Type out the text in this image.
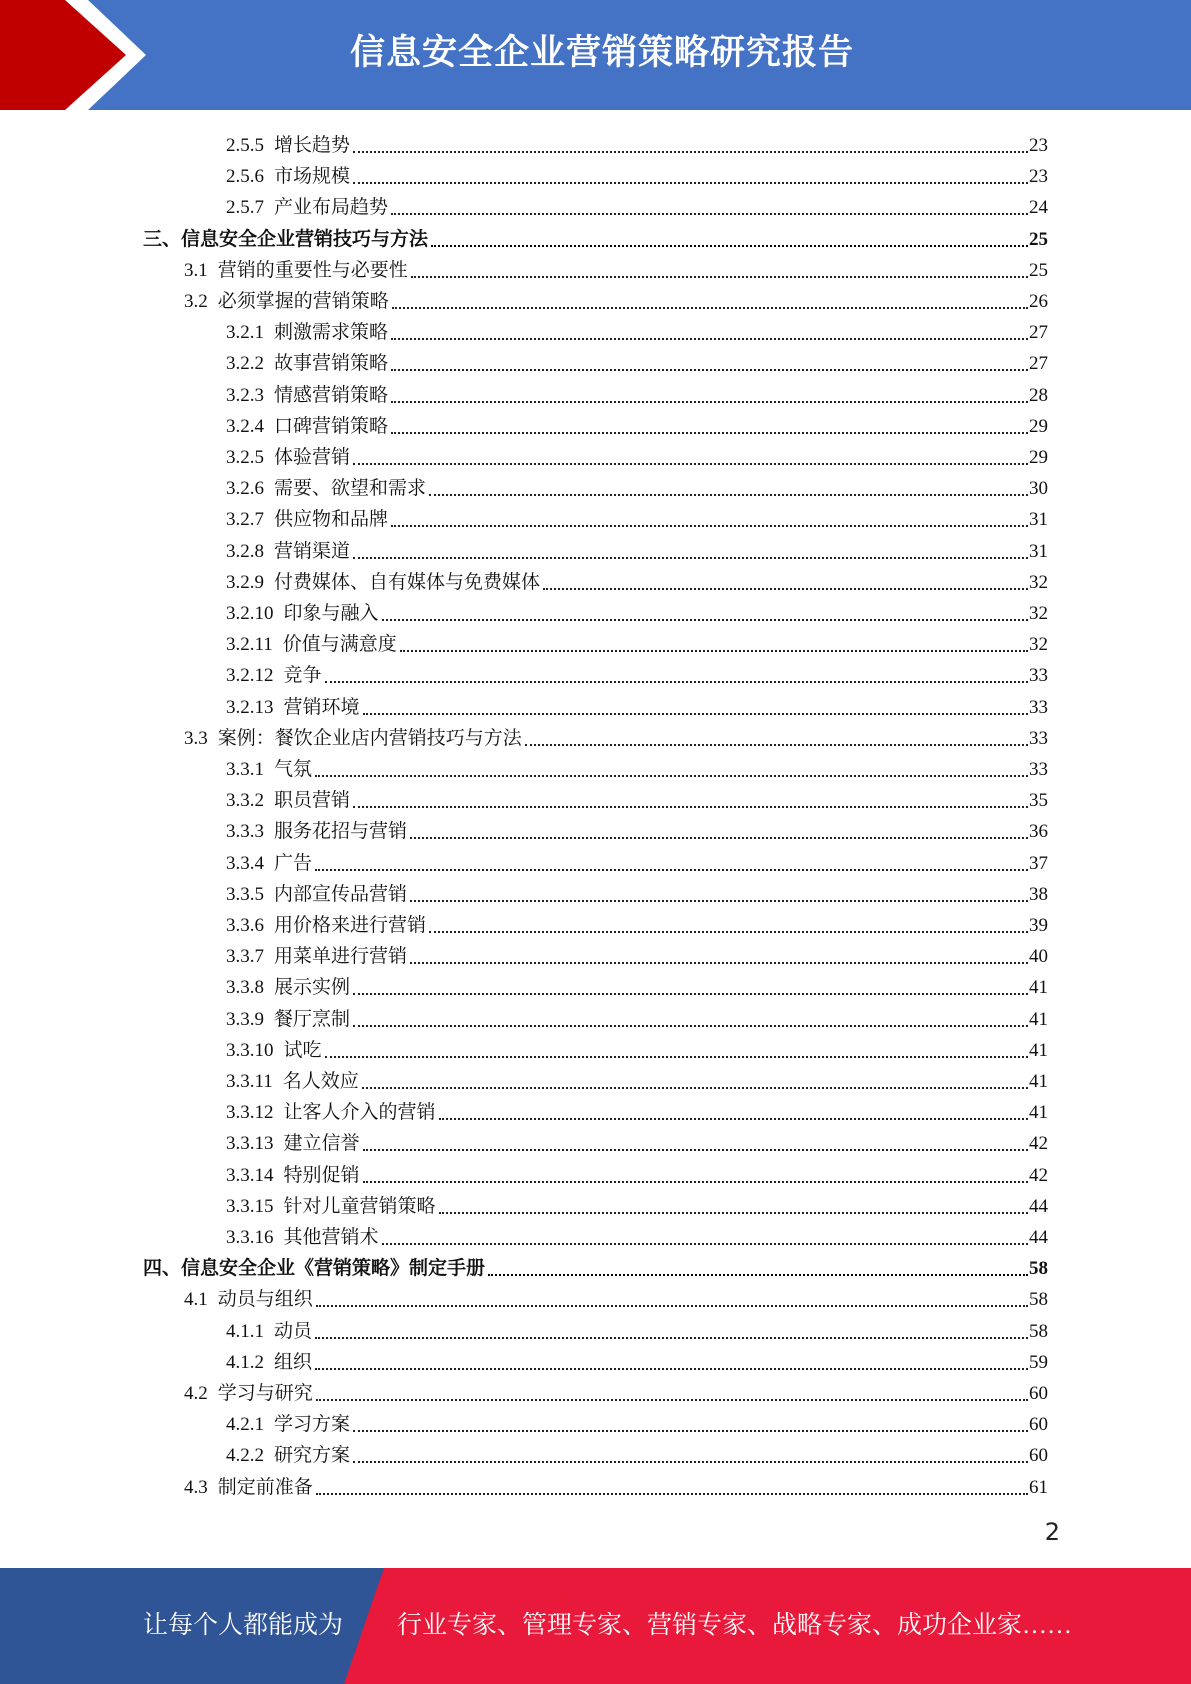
信息安全企业营销策略研究报告
2.5.5 增长趋势	23
2.5.6 市场规模	23
2.5.7 产业布局趋势	24
三、信息安全企业营销技巧与方法	25
3.1 营销的重要性与必要性	25
3.2 必须掌握的营销策略	26
3.2.1 刺激需求策略	27
3.2.2 故事营销策略	27
3.2.3 情感营销策略	28
3.2.4 口碑营销策略	29
3.2.5 体验营销	29
3.2.6 需要、欲望和需求	30
3.2.7 供应物和品牌	31
3.2.8 营销渠道	31
3.2.9 付费媒体、自有媒体与免费媒体	32
3.2.10 印象与融入	32
3.2.11 价值与满意度	32
3.2.12 竞争	33
3.2.13 营销环境	33
3.3 案例：餐饮企业店内营销技巧与方法	33
3.3.1 气氛	33
3.3.2 职员营销	35
3.3.3 服务花招与营销	36
3.3.4 广告	37
3.3.5 内部宣传品营销	38
3.3.6 用价格来进行营销	39
3.3.7 用菜单进行营销	40
3.3.8 展示实例	41
3.3.9 餐厅烹制	41
3.3.10 试吃	41
3.3.11 名人效应	41
3.3.12 让客人介入的营销	41
3.3.13 建立信誉	42
3.3.14 特别促销	42
3.3.15 针对儿童营销策略	44
3.3.16 其他营销术	44
四、信息安全企业《营销策略》制定手册	58
4.1 动员与组织	58
4.1.1 动员	58
4.1.2 组织	59
4.2 学习与研究	60
4.2.1 学习方案	60
4.2.2 研究方案	60
4.3 制定前准备	61
2
让每个人都能成为 行业专家、管理专家、营销专家、战略专家、成功企业家……
